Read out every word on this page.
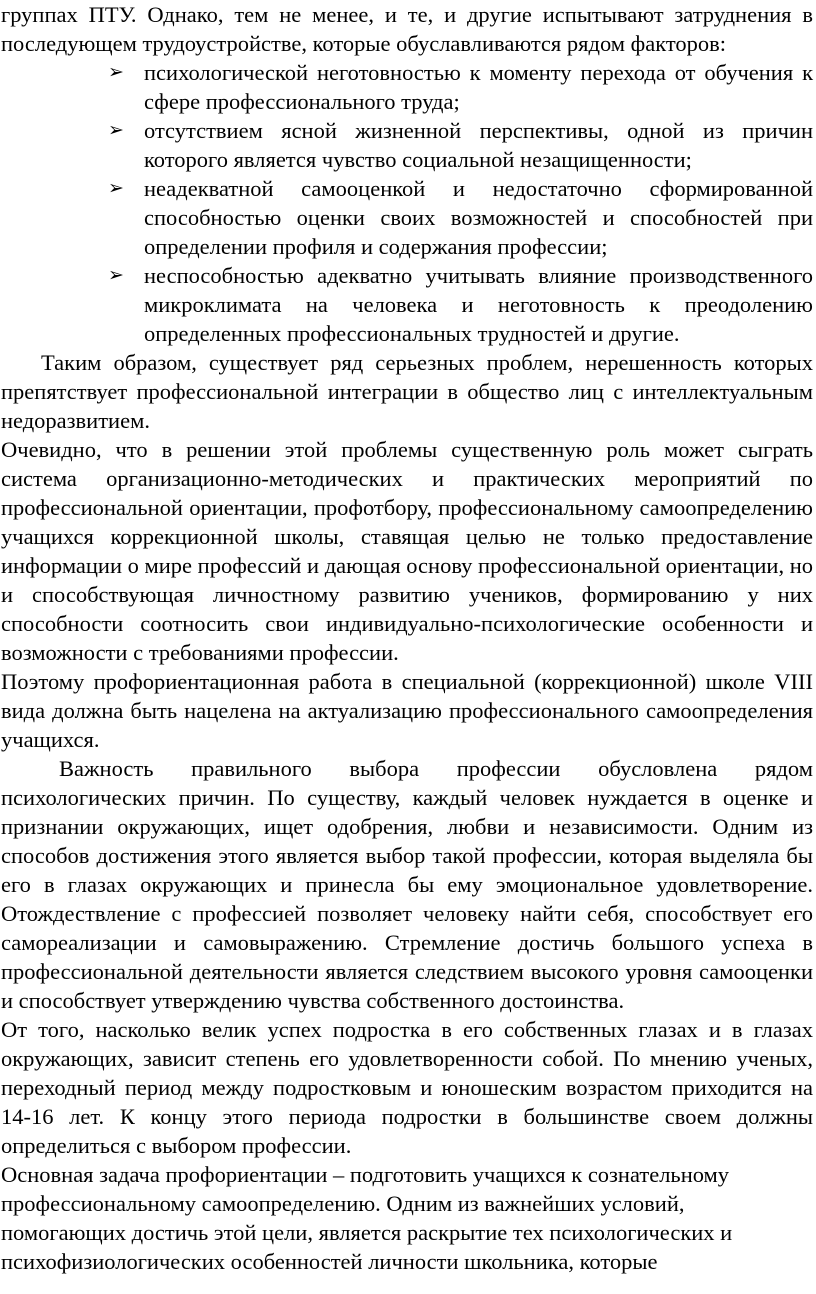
группах ПТУ. Однако, тем не менее, и те, и другие испытывают затруднения в последующем трудоустройстве, которые обуславливаются рядом факторов:

➢ психологической неготовностью к моменту перехода от обучения к сфере профессионального труда;
➢ отсутствием ясной жизненной перспективы, одной из причин которого является чувство социальной незащищенности;
➢ неадекватной самооценкой и недостаточно сформированной способностью оценки своих возможностей и способностей при определении профиля и содержания профессии;
➢ неспособностью адекватно учитывать влияние производственного микроклимата на человека и неготовность к преодолению определенных профессиональных трудностей и другие.

Таким образом, существует ряд серьезных проблем, нерешенность которых препятствует профессиональной интеграции в общество лиц с интеллектуальным недоразвитием.

Очевидно, что в решении этой проблемы существенную роль может сыграть система организационно-методических и практических мероприятий по профессиональной ориентации, профотбору, профессиональному самоопределению учащихся коррекционной школы, ставящая целью не только предоставление информации о мире профессий и дающая основу профессиональной ориентации, но и способствующая личностному развитию учеников, формированию у них способности соотносить свои индивидуально-психологические особенности и возможности с требованиями профессии.

Поэтому профориентационная работа в специальной (коррекционной) школе VIII вида должна быть нацелена на актуализацию профессионального самоопределения учащихся.

Важность правильного выбора профессии обусловлена рядом психологических причин. По существу, каждый человек нуждается в оценке и признании окружающих, ищет одобрения, любви и независимости. Одним из способов достижения этого является выбор такой профессии, которая выделяла бы его в глазах окружающих и принесла бы ему эмоциональное удовлетворение. Отождествление с профессией позволяет человеку найти себя, способствует его самореализации и самовыражению. Стремление достичь большого успеха в профессиональной деятельности является следствием высокого уровня самооценки и способствует утверждению чувства собственного достоинства.

От того, насколько велик успех подростка в его собственных глазах и в глазах окружающих, зависит степень его удовлетворенности собой. По мнению ученых, переходный период между подростковым и юношеским возрастом приходится на 14-16 лет. К концу этого периода подростки в большинстве своем должны определиться с выбором профессии.

Основная задача профориентации – подготовить учащихся к сознательному профессиональному самоопределению. Одним из важнейших условий, помогающих достичь этой цели, является раскрытие тех психологических и психофизиологических особенностей личности школьника, которые
